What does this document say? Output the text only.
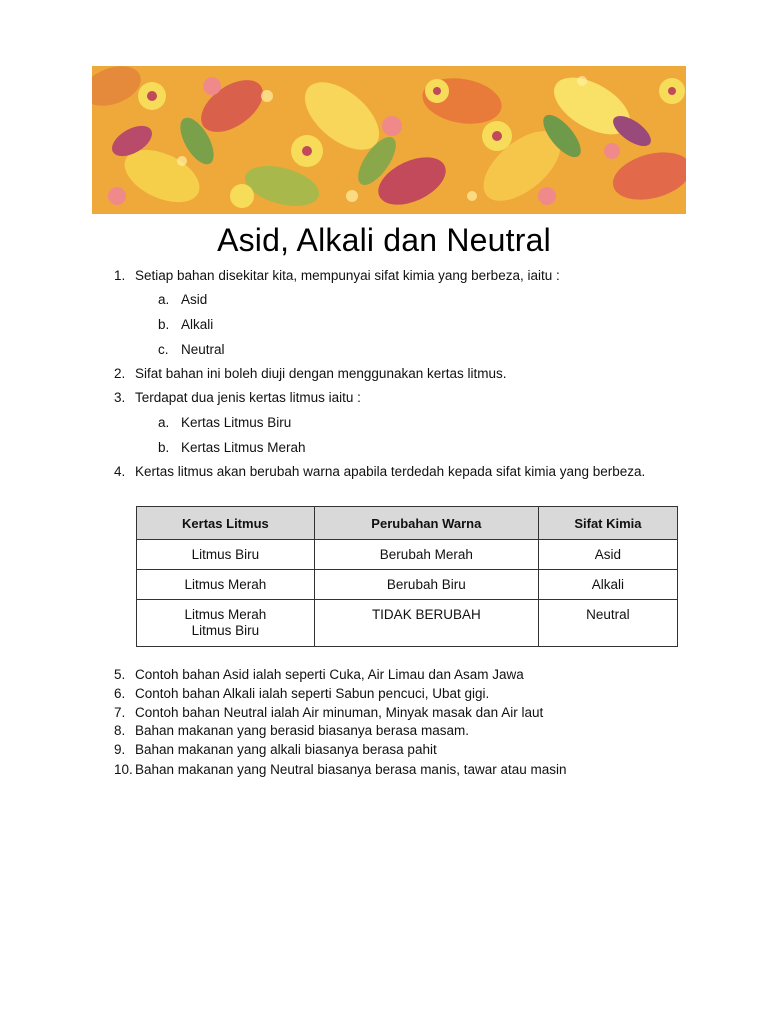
Asid, Alkali dan Neutral
1. Setiap bahan disekitar kita, mempunyai sifat kimia yang berbeza, iaitu :
a. Asid
b. Alkali
c. Neutral
2. Sifat bahan ini boleh diuji dengan menggunakan kertas litmus.
3. Terdapat dua jenis kertas litmus iaitu :
a. Kertas Litmus Biru
b. Kertas Litmus Merah
4. Kertas litmus akan berubah warna apabila terdedah kepada sifat kimia yang berbeza.
Kertas Litmus	Perubahan Warna	Sifat Kimia
Litmus Biru	Berubah Merah	Asid
Litmus Merah	Berubah Biru	Alkali

Litmus Merah
Litmus Biru	TIDAK BERUBAH	Neutral
5. Contoh bahan Asid ialah seperti Cuka, Air Limau dan Asam Jawa
6. Contoh bahan Alkali ialah seperti Sabun pencuci, Ubat gigi.
7. Contoh bahan Neutral ialah Air minuman, Minyak masak dan Air laut
8. Bahan makanan yang berasid biasanya berasa masam.
9. Bahan makanan yang alkali biasanya berasa pahit
10. Bahan makanan yang Neutral biasanya berasa manis, tawar atau masin
